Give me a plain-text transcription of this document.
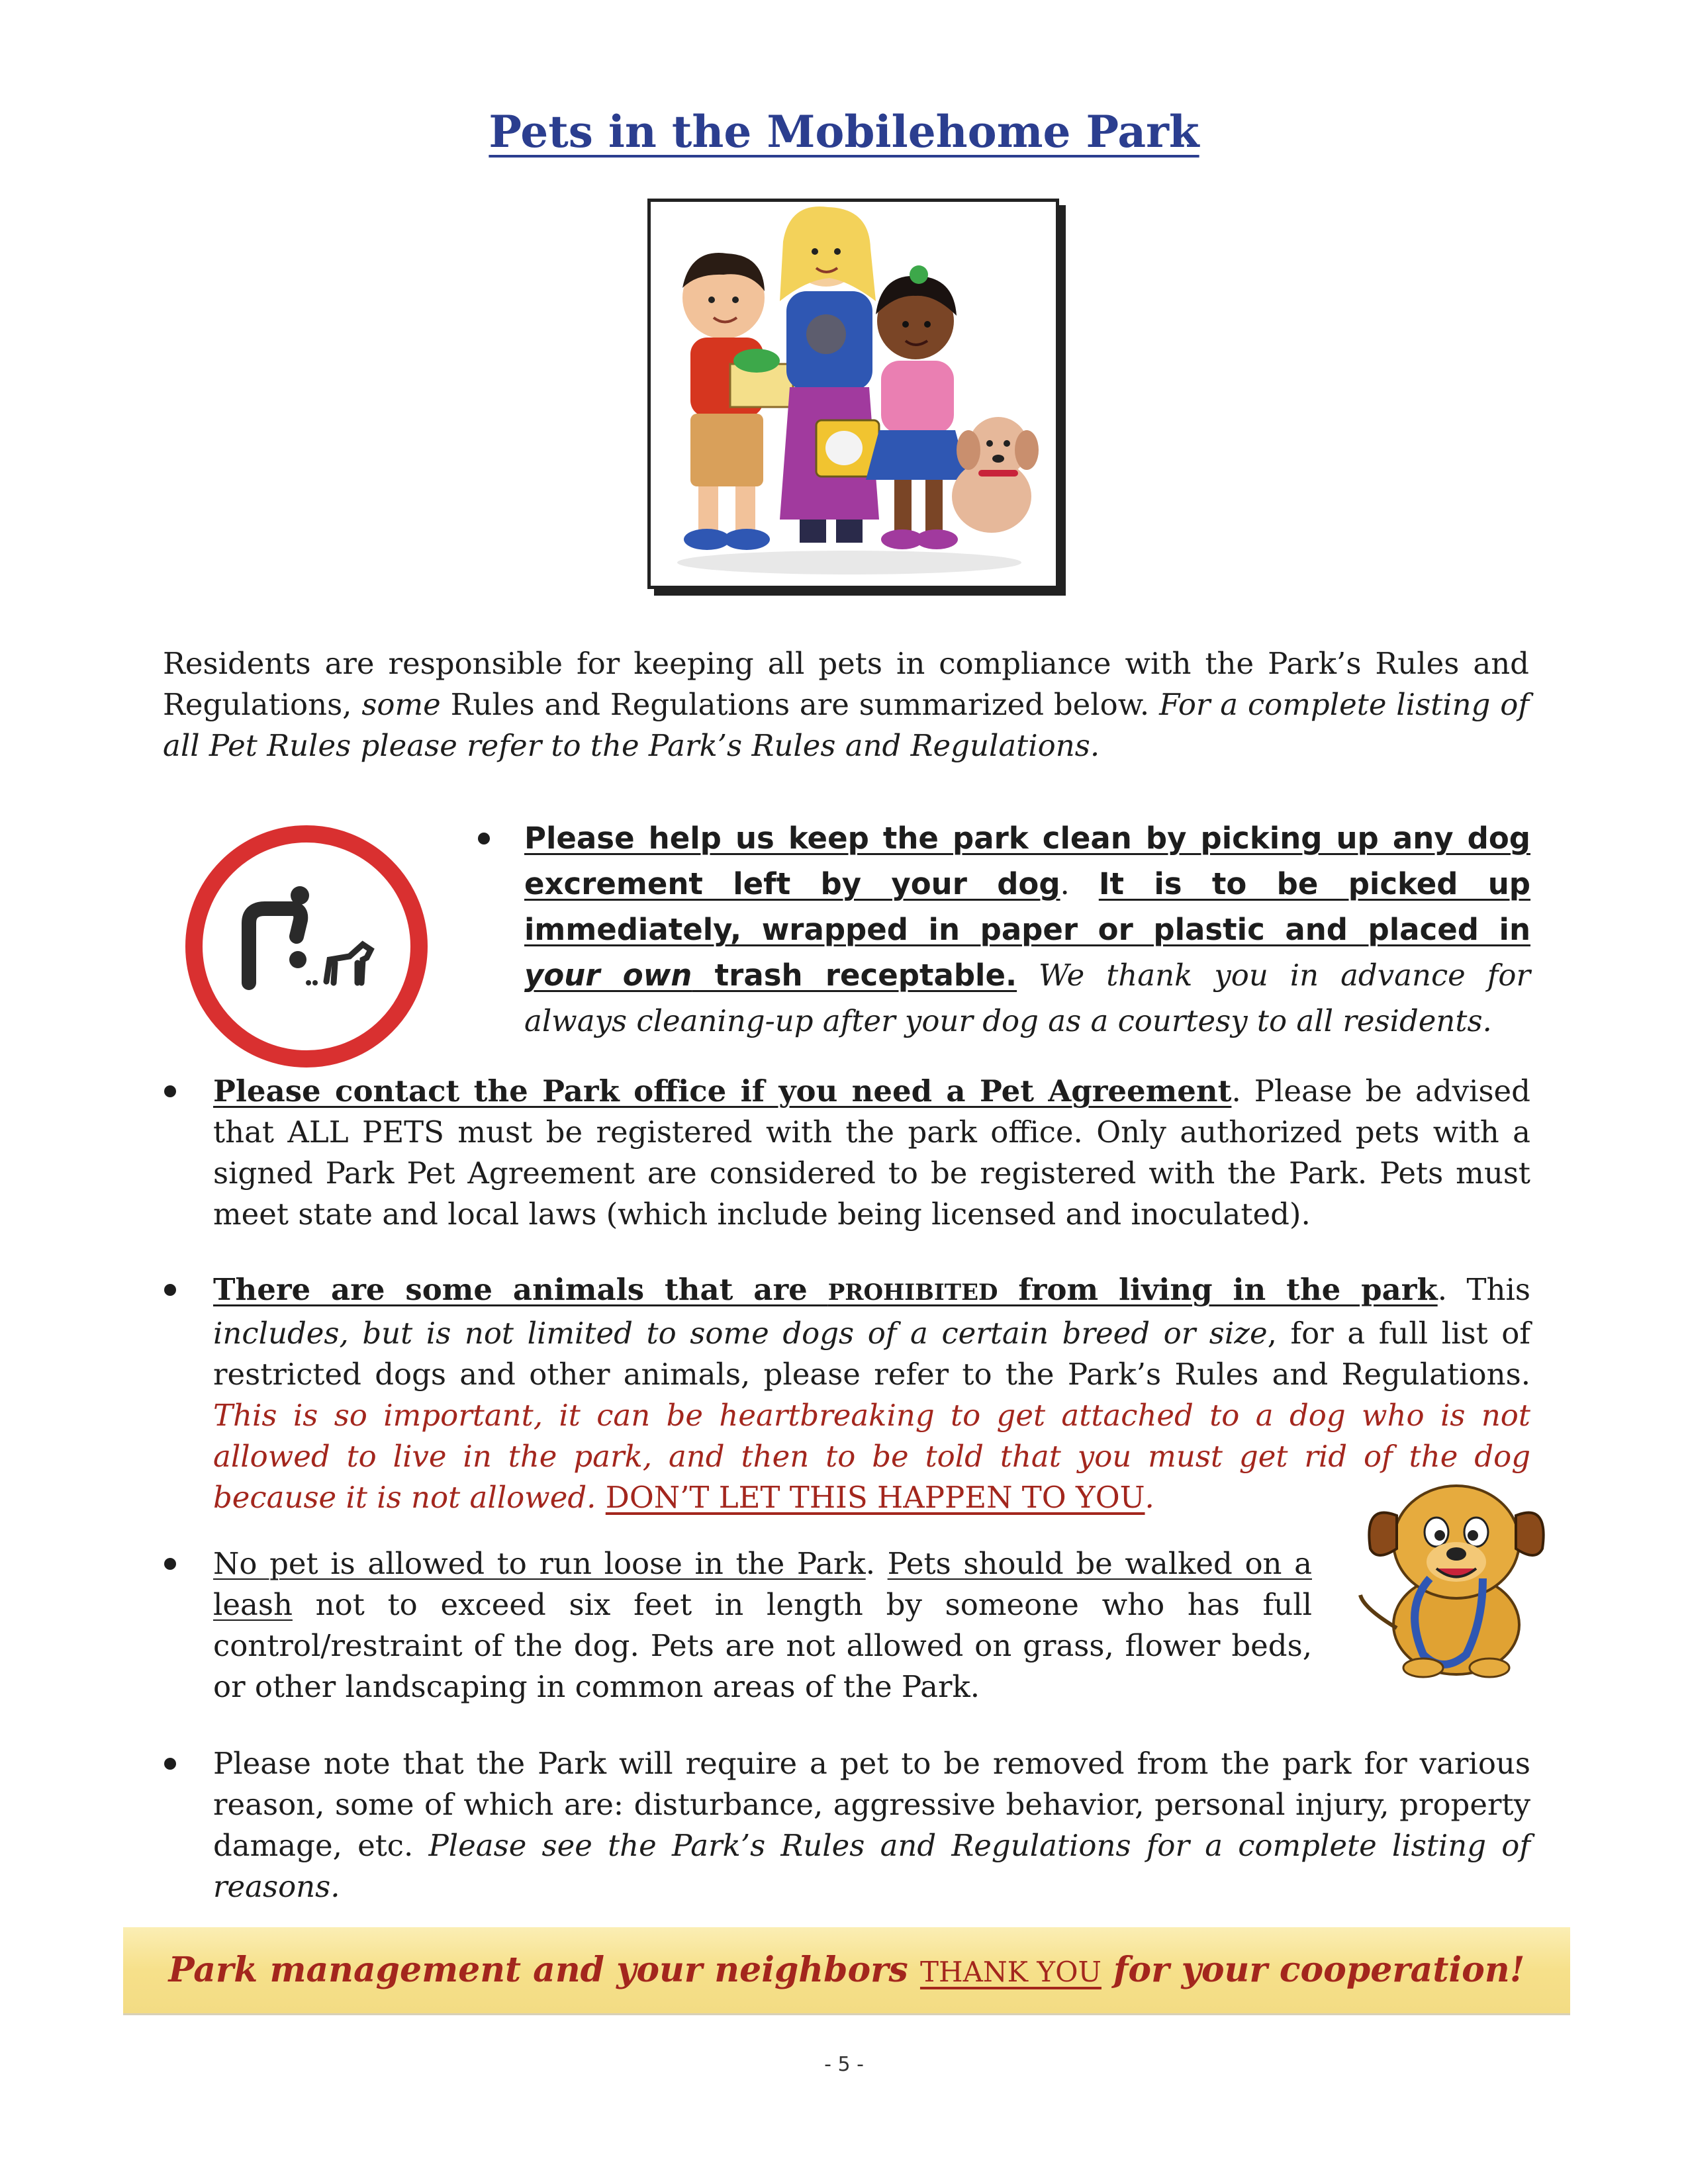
Pets in the Mobilehome Park
Residents are responsible for keeping all pets in compliance with the Park’s Rules and Regulations, some Rules and Regulations are summarized below. For a complete listing of all Pet Rules please refer to the Park’s Rules and Regulations.
Please help us keep the park clean by picking up any dog excrement left by your dog. It is to be picked up immediately, wrapped in paper or plastic and placed in your own trash receptable. We thank you in advance for always cleaning-up after your dog as a courtesy to all residents.
Please contact the Park office if you need a Pet Agreement. Please be advised that ALL PETS must be registered with the park office. Only authorized pets with a signed Park Pet Agreement are considered to be registered with the Park. Pets must meet state and local laws (which include being licensed and inoculated).
There are some animals that are PROHIBITED from living in the park. This includes, but is not limited to some dogs of a certain breed or size, for a full list of restricted dogs and other animals, please refer to the Park’s Rules and Regulations. This is so important, it can be heartbreaking to get attached to a dog who is not allowed to live in the park, and then to be told that you must get rid of the dog because it is not allowed. DON’T LET THIS HAPPEN TO YOU.
No pet is allowed to run loose in the Park. Pets should be walked on a leash not to exceed six feet in length by someone who has full control/restraint of the dog. Pets are not allowed on grass, flower beds, or other landscaping in common areas of the Park.
Please note that the Park will require a pet to be removed from the park for various reason, some of which are: disturbance, aggressive behavior, personal injury, property damage, etc. Please see the Park’s Rules and Regulations for a complete listing of reasons.
Park management and your neighbors THANK YOU for your cooperation!
- 5 -
